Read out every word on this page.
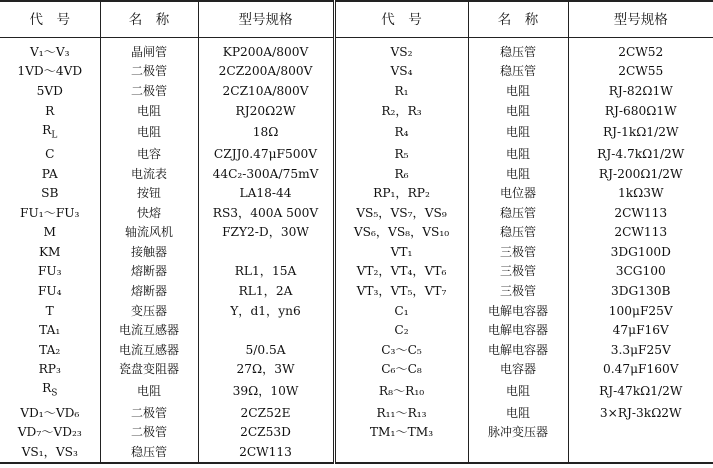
代　号	名　称	型号规格	代　号	名　称	型号规格
V₁～V₃	晶闸管	KP200A/800V	VS₂	稳压管	2CW52
1VD～4VD	二极管	2CZ200A/800V	VS₄	稳压管	2CW55
5VD	二极管	2CZ10A/800V	R₁	电阻	RJ-82Ω1W
R	电阻	RJ20Ω2W	R₂，R₃	电阻	RJ-680Ω1W
$R_L$	电阻	18Ω	R₄	电阻	RJ-1kΩ1/2W
C	电容	CZJJ0.47μF500V	R₅	电阻	RJ-4.7kΩ1/2W
PA	电流表	44C₂-300A/75mV	R₆	电阻	RJ-200Ω1/2W
SB	按钮	LA18-44	RP₁，RP₂	电位器	1kΩ3W
FU₁～FU₃	快熔	RS3，400A 500V	VS₅，VS₇，VS₉	稳压管	2CW113
M	轴流风机	FZY2-D，30W	VS₆，VS₈，VS₁₀	稳压管	2CW113
KM	接触器		VT₁	三极管	3DG100D
FU₃	熔断器	RL1，15A	VT₂，VT₄，VT₆	三极管	3CG100
FU₄	熔断器	RL1，2A	VT₃，VT₅，VT₇	三极管	3DG130B
T	变压器	Y，d1，yn6	C₁	电解电容器	100μF25V
TA₁	电流互感器		C₂	电解电容器	47μF16V
TA₂	电流互感器	5/0.5A	C₃～C₅	电解电容器	3.3μF25V
RP₃	瓷盘变阻器	27Ω，3W	C₆～C₈	电容器	0.47μF160V
$R_S$	电阻	39Ω，10W	R₈～R₁₀	电阻	RJ-47kΩ1/2W
VD₁～VD₆	二极管	2CZ52E	R₁₁～R₁₃	电阻	3×RJ-3kΩ2W
VD₇～VD₂₃	二极管	2CZ53D	TM₁～TM₃	脉冲变压器	
VS₁，VS₃	稳压管	2CW113			
